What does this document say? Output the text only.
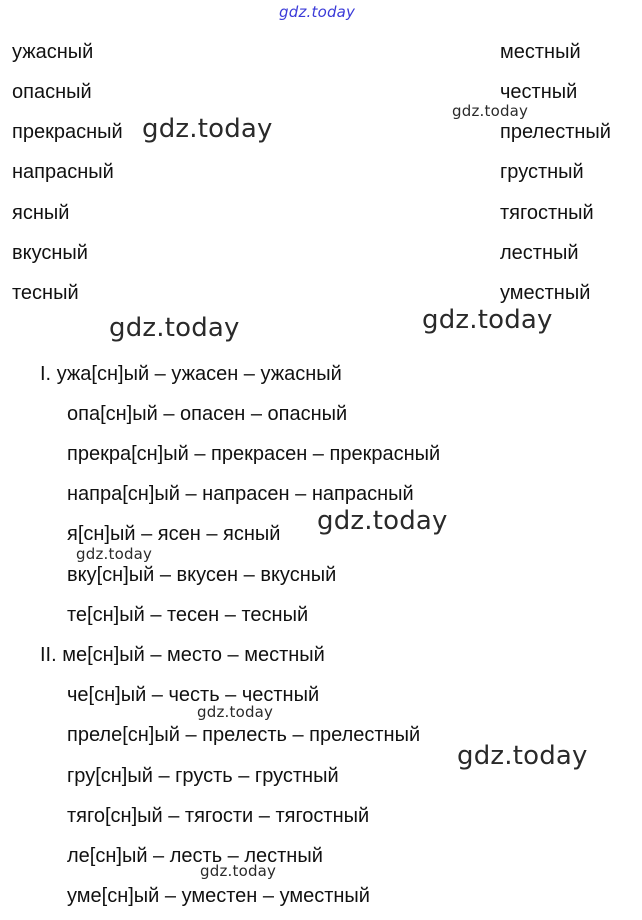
gdz.today
ужасный
опасный
прекрасный
напрасный
ясный
вкусный
тесный
местный
честный
прелестный
грустный
тягостный
лестный
уместный
I. ужа[сн]ый – ужасен – ужасный
опа[сн]ый – опасен – опасный
прекра[сн]ый – прекрасен – прекрасный
напра[сн]ый – напрасен – напрасный
я[сн]ый – ясен – ясный
вку[сн]ый – вкусен – вкусный
те[сн]ый – тесен – тесный
II. ме[сн]ый – место – местный
че[сн]ый – честь – честный
преле[сн]ый – прелесть – прелестный
гру[сн]ый – грусть – грустный
тяго[сн]ый – тягости – тягостный
ле[сн]ый – лесть – лестный
уме[сн]ый – уместен – уместный
gdz.today
gdz.today
gdz.today	gdz.today
gdz.today
gdz.today
gdz.today
gdz.today
gdz.today
